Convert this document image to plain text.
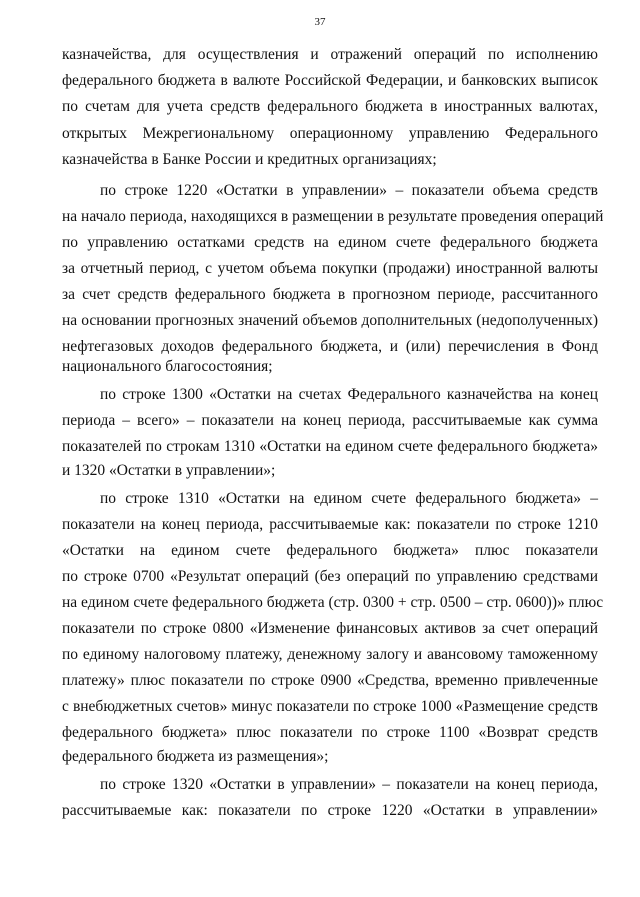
37
казначейства, для осуществления и отражений операций по исполнению
федерального бюджета в валюте Российской Федерации, и банковских выписок
по счетам для учета средств федерального бюджета в иностранных валютах,
открытых Межрегиональному операционному управлению Федерального
казначейства в Банке России и кредитных организациях;
по строке 1220 «Остатки в управлении» – показатели объема средств
на начало периода, находящихся в размещении в результате проведения операций
по управлению остатками средств на едином счете федерального бюджета
за отчетный период, с учетом объема покупки (продажи) иностранной валюты
за счет средств федерального бюджета в прогнозном периоде, рассчитанного
на основании прогнозных значений объемов дополнительных (недополученных)
нефтегазовых доходов федерального бюджета, и (или) перечисления в Фонд
национального благосостояния;
по строке 1300 «Остатки на счетах Федерального казначейства на конец
периода – всего» – показатели на конец периода, рассчитываемые как сумма
показателей по строкам 1310 «Остатки на едином счете федерального бюджета»
и 1320 «Остатки в управлении»;
по строке 1310 «Остатки на едином счете федерального бюджета» –
показатели на конец периода, рассчитываемые как: показатели по строке 1210
«Остатки на едином счете федерального бюджета» плюс показатели
по строке 0700 «Результат операций (без операций по управлению средствами
на едином счете федерального бюджета (стр. 0300 + стр. 0500 – стр. 0600))» плюс
показатели по строке 0800 «Изменение финансовых активов за счет операций
по единому налоговому платежу, денежному залогу и авансовому таможенному
платежу» плюс показатели по строке 0900 «Средства, временно привлеченные
с внебюджетных счетов» минус показатели по строке 1000 «Размещение средств
федерального бюджета» плюс показатели по строке 1100 «Возврат средств
федерального бюджета из размещения»;
по строке 1320 «Остатки в управлении» – показатели на конец периода,
рассчитываемые как: показатели по строке 1220 «Остатки в управлении»
